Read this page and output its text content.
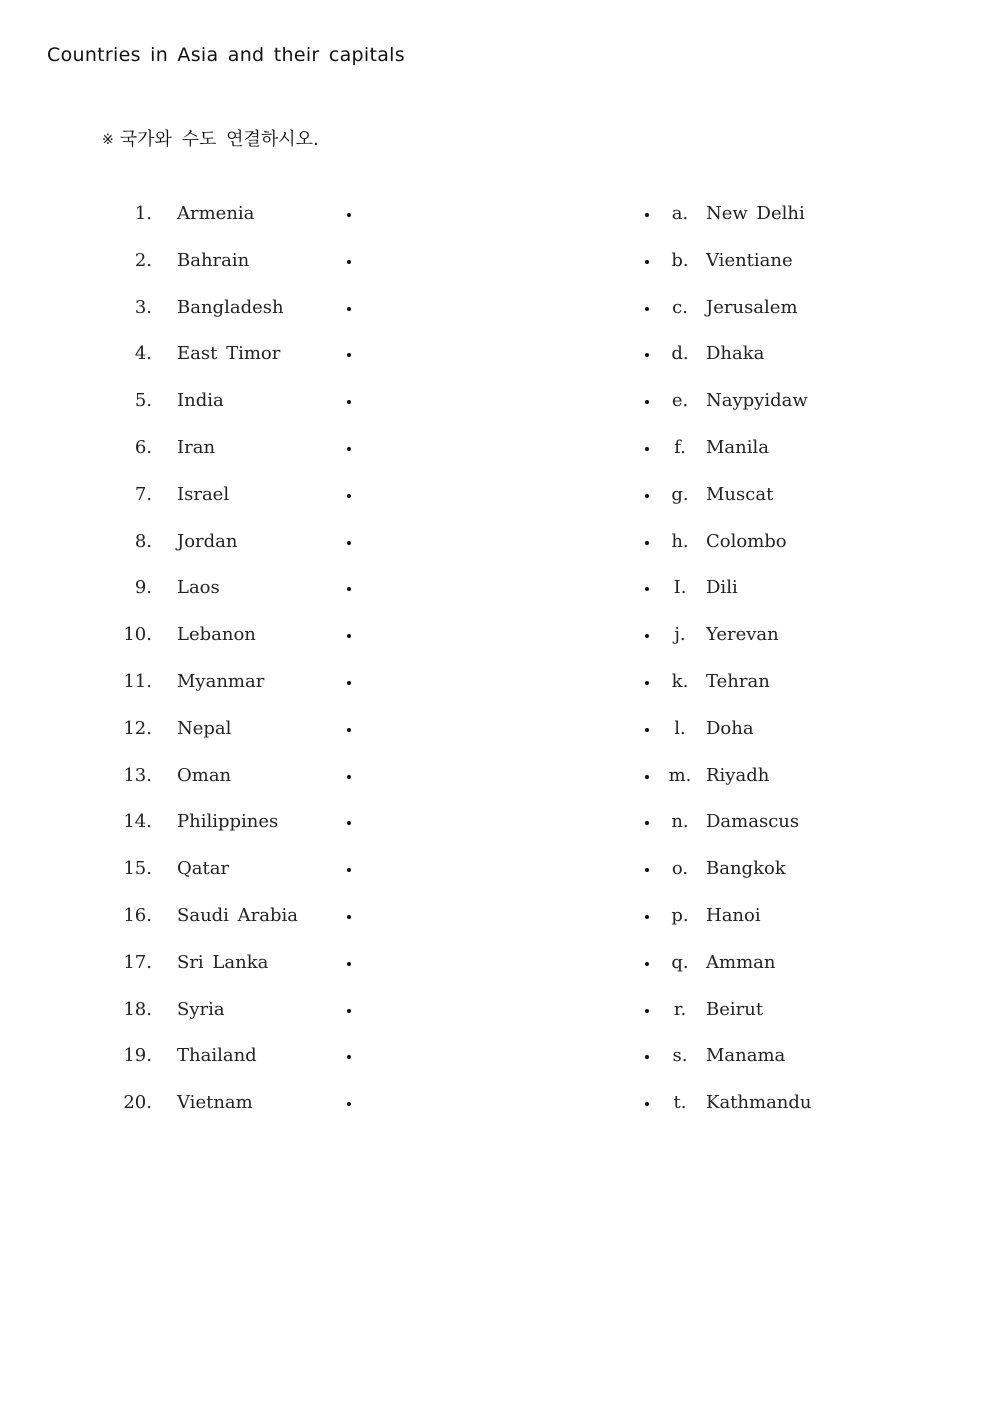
Countries in Asia and their capitals
※ 국가와 수도 연결하시오.
1. Armenia	a. New Delhi
2. Bahrain	b. Vientiane
3. Bangladesh	c.	Jerusalem
4. East Timor	d. Dhaka
5. India	e. Naypyidaw
6. Iran	f.	Manila
7. Israel	g. Muscat
8. Jordan	h. Colombo
9. Laos	I.	Dili
10. Lebanon	j.	Yerevan
11. Myanmar	k. Tehran
12. Nepal	l.	Doha
13. Oman	m. Riyadh
14. Philippines	n. Damascus
15. Qatar	o. Bangkok
16. Saudi Arabia	p. Hanoi
17. Sri Lanka	q. Amman
18. Syria	r.	Beirut
19. Thailand	s.	Manama
20. Vietnam	t.	Kathmandu
